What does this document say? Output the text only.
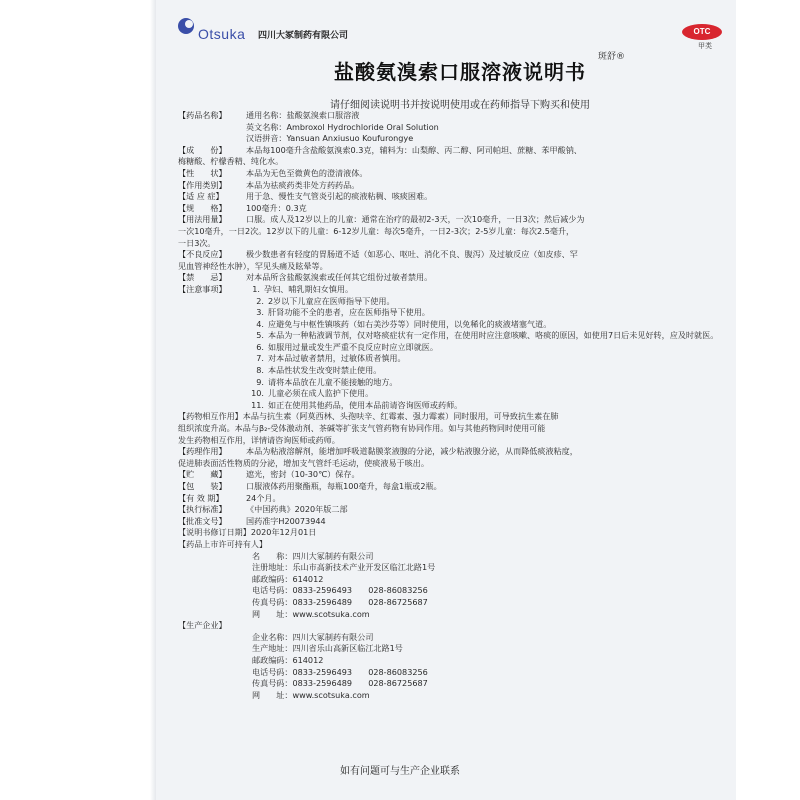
Otsuka 四川大冢制药有限公司	OTC
甲类
斑舒®
盐酸氨溴索口服溶液说明书
请仔细阅读说明书并按说明使用或在药师指导下购买和使用
【药品名称】 通用名称：盐酸氨溴索口服溶液
英文名称：Ambroxol Hydrochloride Oral Solution
汉语拼音：Yansuan Anxiusuo Koufurongye
【成　　份】 本品每100毫升含盐酸氨溴索0.3克，辅料为：山梨醇、丙二醇、阿司帕坦、蔗糖、苯甲酸钠、
梅糖酸、柠檬香精、纯化水。
【性　　状】 本品为无色至微黄色的澄清液体。
【作用类别】 本品为祛痰药类非处方药药品。
【适 应 症】	用于急、慢性支气管炎引起的痰液粘稠、咳痰困难。
【规　　格】 100毫升：0.3克
【用法用量】 口服。成人及12岁以上的儿童：通常在治疗的最初2-3天，一次10毫升，一日3次；然后减少为
一次10毫升，一日2次。12岁以下的儿童：6-12岁儿童：每次5毫升，一日2-3次；2-5岁儿童：每次2.5毫升，
一日3次。
【不良反应】 极少数患者有轻度的胃肠道不适（如恶心、呕吐、消化不良、腹泻）及过敏反应（如皮疹、罕
见血管神经性水肿），罕见头痛及眩晕等。
【禁　　忌】 对本品所含盐酸氨溴索或任何其它组份过敏者禁用。
【注意事项】	1. 孕妇、哺乳期妇女慎用。
2. 2岁以下儿童应在医师指导下使用。
3. 肝肾功能不全的患者，应在医师指导下使用。
4. 应避免与中枢性镇咳药（如右美沙芬等）同时使用，以免稀化的痰液堵塞气道。
5. 本品为一种粘液调节剂，仅对咯痰症状有一定作用，在使用时应注意咳嗽、咯痰的原因，如使用7日后未见好转，应及时就医。
6. 如服用过量或发生严重不良反应时应立即就医。
7. 对本品过敏者禁用，过敏体质者慎用。
8. 本品性状发生改变时禁止使用。
9. 请将本品放在儿童不能接触的地方。
10. 儿童必须在成人监护下使用。
11. 如正在使用其他药品，使用本品前请咨询医师或药师。
【药物相互作用】本品与抗生素（阿莫西林、头孢呋辛、红霉素、强力霉素）同时服用，可导致抗生素在肺
组织浓度升高。本品与β₂-受体激动剂、茶碱等扩张支气管药物有协同作用。如与其他药物同时使用可能
发生药物相互作用，详情请咨询医师或药师。
【药理作用】 本品为粘液溶解剂，能增加呼吸道黏膜浆液腺的分泌，减少粘液腺分泌，从而降低痰液粘度，
促进肺表面活性物质的分泌，增加支气管纤毛运动，使痰液易于咳出。
【贮　　藏】 遮光，密封（10-30℃）保存。
【包　　装】 口服液体药用聚酯瓶，每瓶100毫升，每盒1瓶或2瓶。
【有 效 期】	24个月。
【执行标准】 《中国药典》2020年版二部
【批准文号】 国药准字H20073944
【说明书修订日期】2020年12月01日
【药品上市许可持有人】
名　　称：四川大冢制药有限公司
注册地址：乐山市高新技术产业开发区临江北路1号
邮政编码：614012
电话号码：0833-2596493　　028-86083256
传真号码：0833-2596489　　028-86725687
网　　址：www.scotsuka.com
【生产企业】
企业名称：四川大冢制药有限公司
生产地址：四川省乐山高新区临江北路1号
邮政编码：614012
电话号码：0833-2596493　　028-86083256
传真号码：0833-2596489　　028-86725687
网　　址：www.scotsuka.com
如有问题可与生产企业联系
